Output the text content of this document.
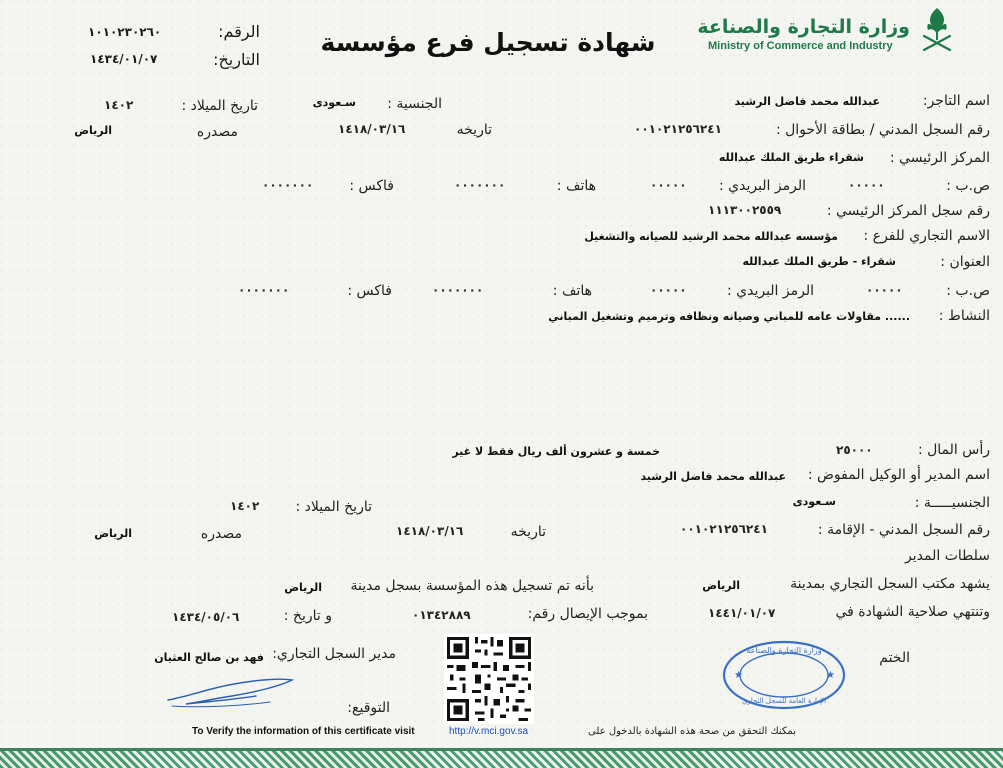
وزارة التجارة والصناعة
Ministry of Commerce and Industry
شهادة تسجيل فرع مؤسسة
الرقم:
١٠١٠٢٣٠٢٦٠
التاريخ:
١٤٣٤/٠١/٠٧
اسم التاجر:
عبدالله محمد فاضل الرشيد
الجنسية :
سـعودى
تاريخ الميلاد :
١٤٠٢
رقم السجل المدني / بطاقة الأحوال :
٠٠١٠٢١٢٥٦٢٤١
تاريخه
١٤١٨/٠٣/١٦
مصدره
الرياض
المركز الرئيسي :
شقراء طريق الملك عبدالله
ص.ب :
٠٠٠٠٠
الرمز البريدي :
٠٠٠٠٠
هاتف :
٠٠٠٠٠٠٠
فاكس :
٠٠٠٠٠٠٠
رقم سجل المركز الرئيسي :
١١١٣٠٠٢٥٥٩
الاسم التجاري للفرع :
مؤسسه عبدالله محمد الرشيد للصيانه والتشغيل
العنوان :
شقراء - طريق الملك عبدالله
ص.ب :
٠٠٠٠٠
الرمز البريدي :
٠٠٠٠٠
هاتف :
٠٠٠٠٠٠٠
فاكس :
٠٠٠٠٠٠٠
النشاط :
...... مقاولات عامه للمباني وصيانه ونظافه وترميم وتشغيل المباني
رأس المال :
٢٥٠٠٠
خمسة و عشرون ألف ريال فقط لا غير
اسم المدير أو الوكيل المفوض :
عبدالله محمد فاضل الرشيد
الجنسيـــــة :
سـعودى
تاريخ الميلاد :
١٤٠٢
رقم السجل المدني - الإقامة :
٠٠١٠٢١٢٥٦٢٤١
تاريخه
١٤١٨/٠٣/١٦
مصدره
الرياض
سلطات المدير
يشهد مكتب السجل التجاري بمدينة
الرياض
بأنه تم تسجيل هذه المؤسسة بسجل مدينة
الرياض
وتنتهي صلاحية الشهادة في
١٤٤١/٠١/٠٧
بموجب الإيصال رقم:
٠١٣٤٢٨٨٩
و تاريخ :
١٤٣٤/٠٥/٠٦
الختم
وزارة التجارة والصناعة
الإدارة العامة للسجل التجاري
★	★
مدير السجل التجاري:
فهد بن صالح العثيان
التوقيع:
بمكنك التحقق من صحة هذه الشهادة بالدخول على
http://v.mci.gov.sa
To Verify the information of this certificate visit
